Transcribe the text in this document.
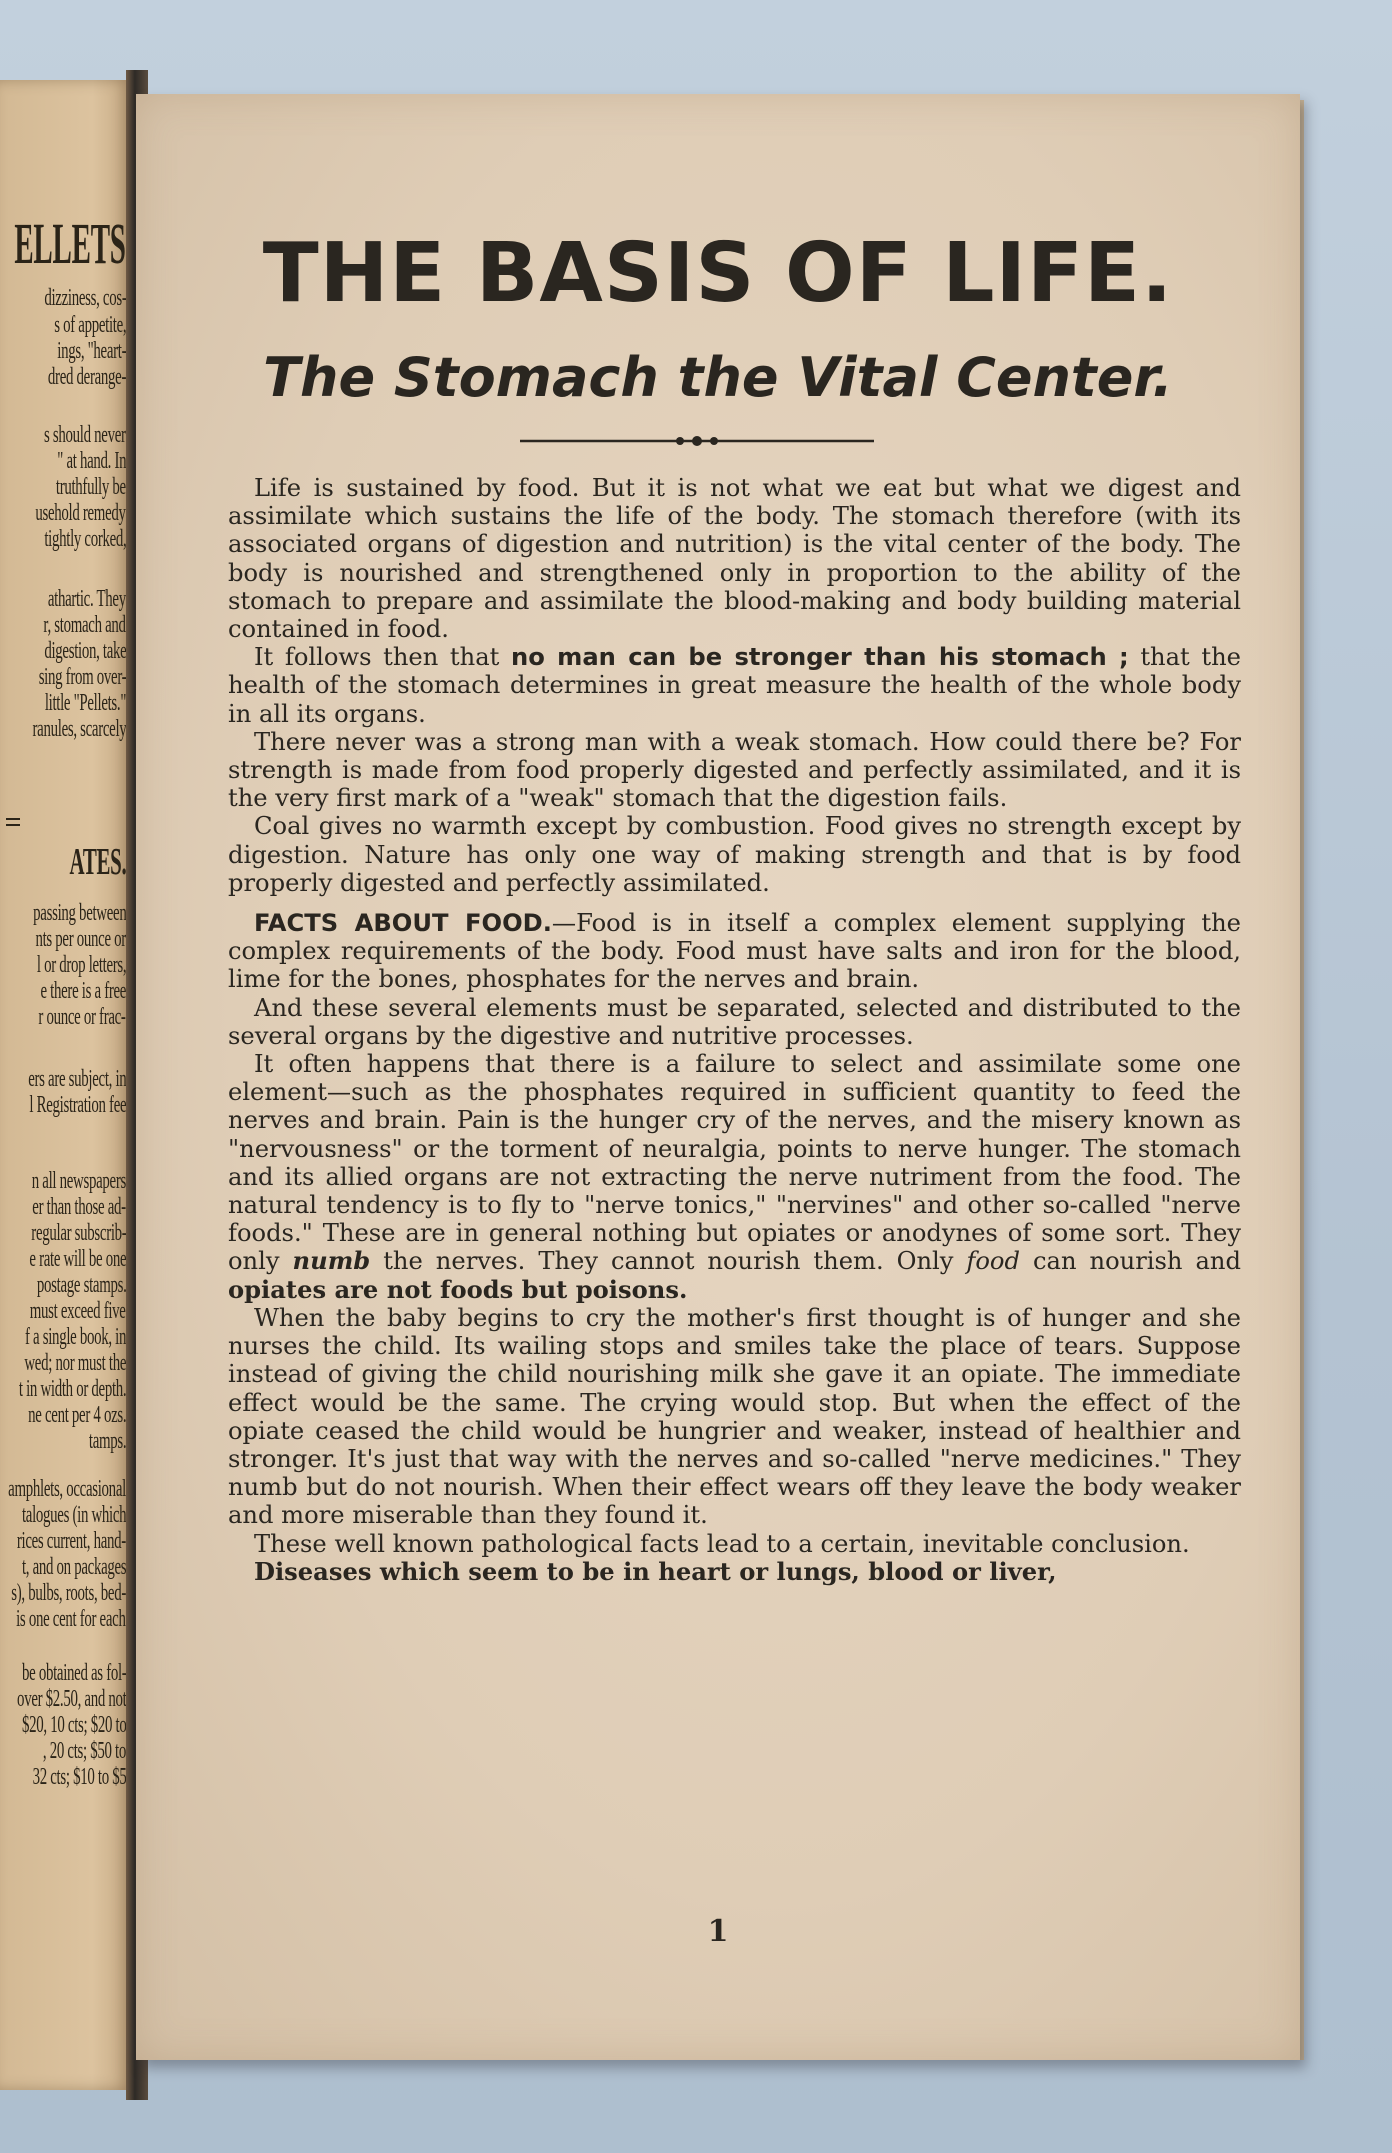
ELLETS
dizziness, cos-
s of appetite,
ings, "heart-
dred derange-
s should never
" at hand. In
truthfully be
usehold remedy
tightly corked,
athartic. They
r, stomach and
digestion, take
sing from over-
little "Pellets."
ranules, scarcely
ATES.
passing between
nts per ounce or
l or drop letters,
e there is a free
r ounce or frac-
ers are subject, in
l Registration fee
n all newspapers
er than those ad-
regular subscrib-
e rate will be one
postage stamps.
must exceed five
f a single book, in
wed; nor must the
t in width or depth.
ne cent per 4 ozs.
tamps.
amphlets, occasional
talogues (in which
rices current, hand-
t, and on packages
s), bulbs, roots, bed-
is one cent for each
be obtained as fol-
over $2.50, and not
$20, 10 cts; $20 to
, 20 cts; $50 to
32 cts; $10 to $5
THE BASIS OF LIFE.
The Stomach the Vital Center.

Life is sustained by food. But it is not what we eat but what we digest and assimilate which sustains the life of the body. The stomach therefore (with its associated organs of digestion and nutrition) is the vital center of the body. The body is nourished and strengthened only in proportion to the ability of the stomach to prepare and assimilate the blood-making and body building material contained in food.

It follows then that no man can be stronger than his stomach ; that the health of the stomach determines in great measure the health of the whole body in all its organs.

There never was a strong man with a weak stomach. How could there be? For strength is made from food properly digested and perfectly assimilated, and it is the very first mark of a "weak" stomach that the digestion fails.

Coal gives no warmth except by combustion. Food gives no strength except by digestion. Nature has only one way of making strength and that is by food properly digested and perfectly assimilated.

FACTS ABOUT FOOD.—Food is in itself a complex element supplying the complex requirements of the body. Food must have salts and iron for the blood, lime for the bones, phosphates for the nerves and brain.

And these several elements must be separated, selected and distributed to the several organs by the digestive and nutritive processes.

It often happens that there is a failure to select and assimilate some one element—such as the phosphates required in sufficient quantity to feed the nerves and brain. Pain is the hunger cry of the nerves, and the misery known as "nervousness" or the torment of neuralgia, points to nerve hunger. The stomach and its allied organs are not extracting the nerve nutriment from the food. The natural tendency is to fly to "nerve tonics," "nervines" and other so-called "nerve foods." These are in general nothing but opiates or anodynes of some sort. They only numb the nerves. They cannot nourish them. Only food can nourish and opiates are not foods but poisons.

When the baby begins to cry the mother's first thought is of hunger and she nurses the child. Its wailing stops and smiles take the place of tears. Suppose instead of giving the child nourishing milk she gave it an opiate. The immediate effect would be the same. The crying would stop. But when the effect of the opiate ceased the child would be hungrier and weaker, instead of healthier and stronger. It's just that way with the nerves and so-called "nerve medicines." They numb but do not nourish. When their effect wears off they leave the body weaker and more miserable than they found it.

These well known pathological facts lead to a certain, inevitable conclusion.

Diseases which seem to be in heart or lungs, blood or liver,

1
